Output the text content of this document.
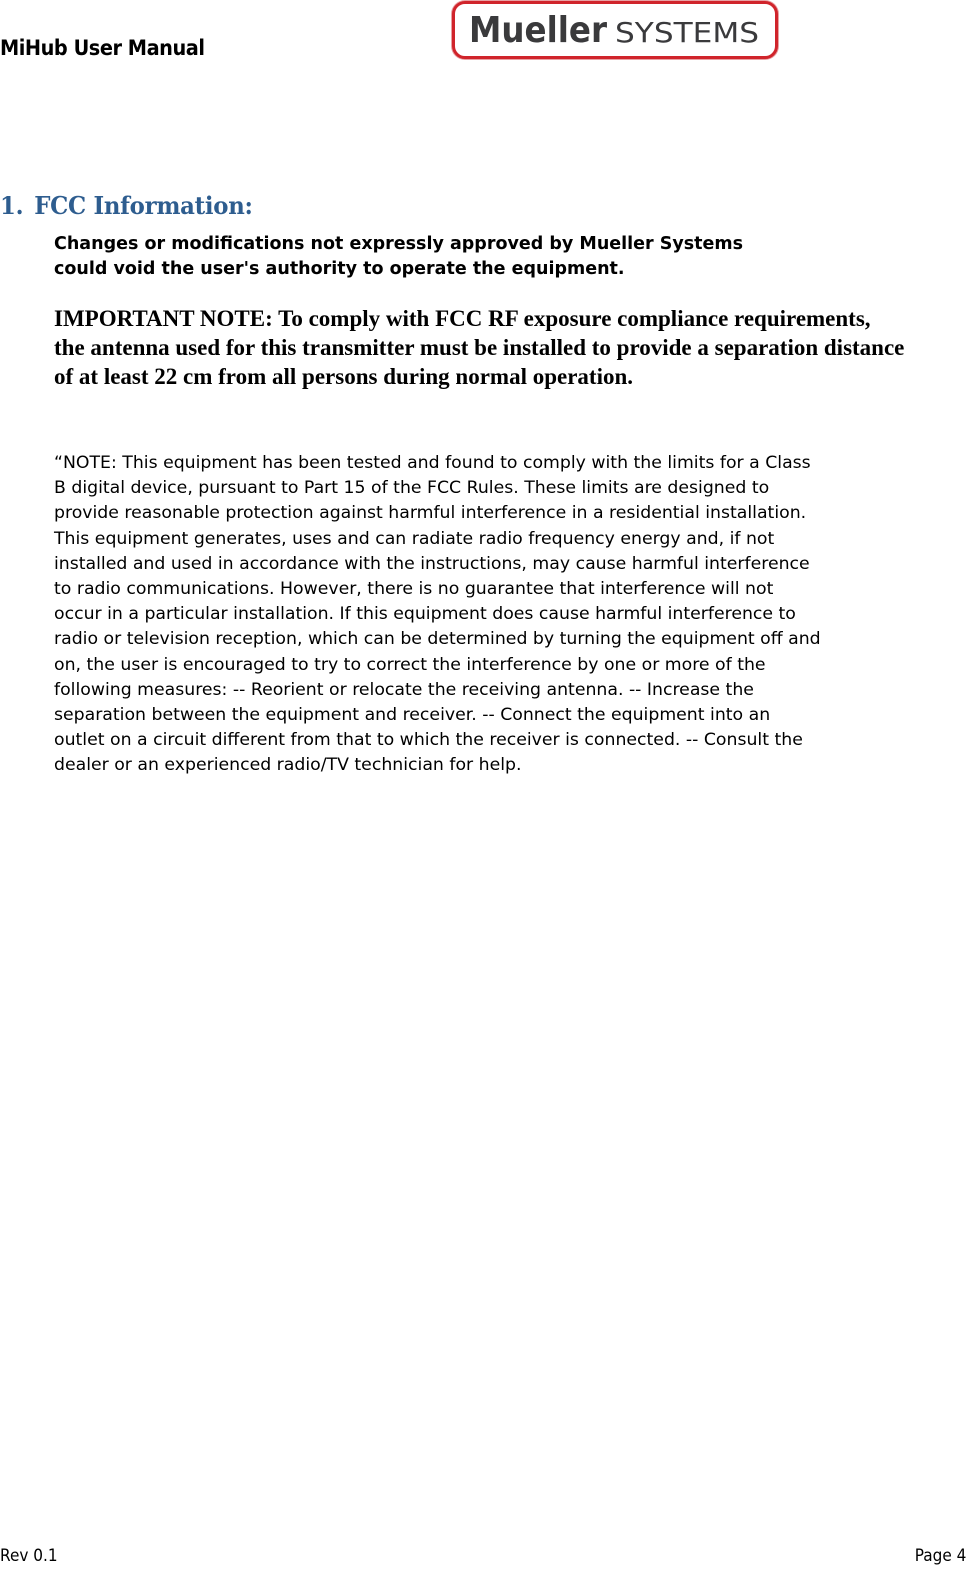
MiHub User Manual	Mueller SYSTEMS
1. FCC Information:
Changes or modifications not expressly approved by Mueller Systems
could void the user's authority to operate the equipment.
IMPORTANT NOTE: To comply with FCC RF exposure compliance requirements,
the antenna used for this transmitter must be installed to provide a separation distance
of at least 22 cm from all persons during normal operation.
“NOTE: This equipment has been tested and found to comply with the limits for a Class
B digital device, pursuant to Part 15 of the FCC Rules. These limits are designed to
provide reasonable protection against harmful interference in a residential installation.
This equipment generates, uses and can radiate radio frequency energy and, if not
installed and used in accordance with the instructions, may cause harmful interference
to radio communications. However, there is no guarantee that interference will not
occur in a particular installation. If this equipment does cause harmful interference to
radio or television reception, which can be determined by turning the equipment off and
on, the user is encouraged to try to correct the interference by one or more of the
following measures: -- Reorient or relocate the receiving antenna. -- Increase the
separation between the equipment and receiver. -- Connect the equipment into an
outlet on a circuit different from that to which the receiver is connected. -- Consult the
dealer or an experienced radio/TV technician for help.
Rev 0.1	Page 4
